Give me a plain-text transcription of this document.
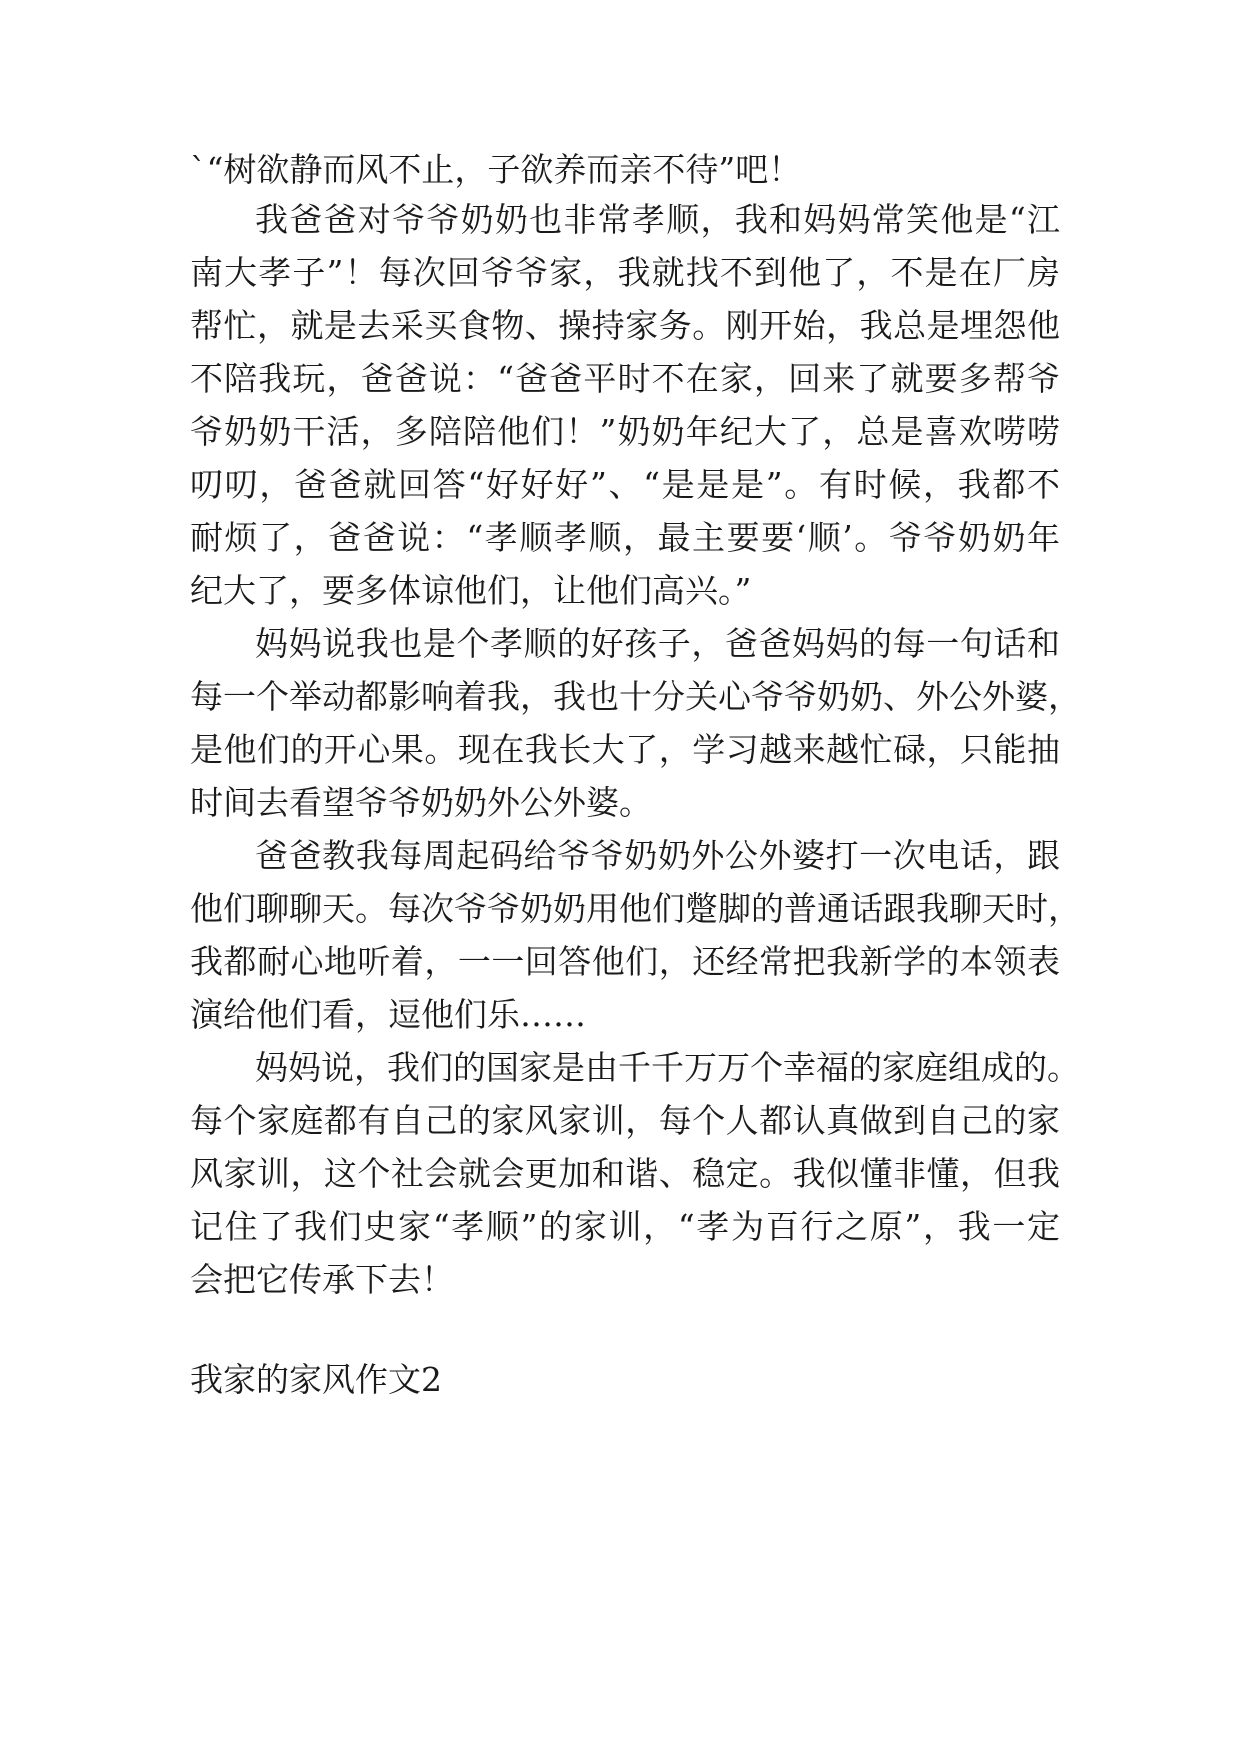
`“树欲静而风不止，子欲养而亲不待”吧！
我爸爸对爷爷奶奶也非常孝顺，我和妈妈常笑他是“江
南大孝子”！每次回爷爷家，我就找不到他了，不是在厂房
帮忙，就是去采买食物、操持家务。刚开始，我总是埋怨他
不陪我玩，爸爸说：“爸爸平时不在家，回来了就要多帮爷
爷奶奶干活，多陪陪他们！”奶奶年纪大了，总是喜欢唠唠
叨叨，爸爸就回答“好好好”、“是是是”。有时候，我都不
耐烦了，爸爸说：“孝顺孝顺，最主要要‘顺’。爷爷奶奶年
纪大了，要多体谅他们，让他们高兴。”
妈妈说我也是个孝顺的好孩子，爸爸妈妈的每一句话和
每一个举动都影响着我，我也十分关心爷爷奶奶、外公外婆，
是他们的开心果。现在我长大了，学习越来越忙碌，只能抽
时间去看望爷爷奶奶外公外婆。
爸爸教我每周起码给爷爷奶奶外公外婆打一次电话，跟
他们聊聊天。每次爷爷奶奶用他们蹩脚的普通话跟我聊天时，
我都耐心地听着，一一回答他们，还经常把我新学的本领表
演给他们看，逗他们乐……
妈妈说，我们的国家是由千千万万个幸福的家庭组成的。
每个家庭都有自己的家风家训，每个人都认真做到自己的家
风家训，这个社会就会更加和谐、稳定。我似懂非懂，但我
记住了我们史家“孝顺”的家训，“孝为百行之原”，我一定
会把它传承下去！
我家的家风作文2
